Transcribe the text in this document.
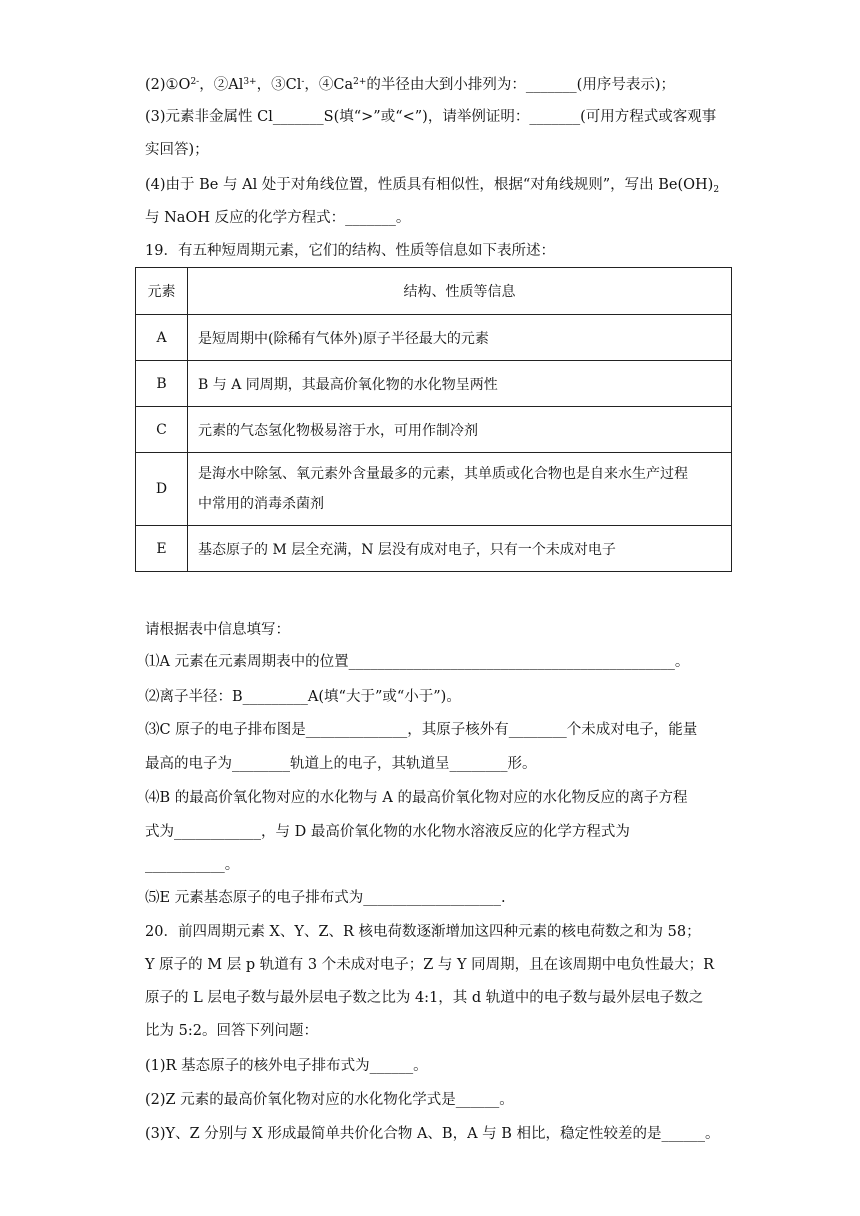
$(2)①O^{2-}$，$②Al^{3+}$，③Cl-，$④Ca^{2+}$的半径由大到小排列为：_______(用序号表示)；
(3)元素非金属性 Cl_______S(填“>”或“<”)，请举例证明：_______(可用方程式或客观事
实回答)；
(4)由于 Be 与 Al 处于对角线位置，性质具有相似性，根据“对角线规则”，写出 $Be(OH)_2$
与 NaOH 反应的化学方程式：_______。
19．有五种短周期元素，它们的结构、性质等信息如下表所述：
元素	结构、性质等信息
A	是短周期中(除稀有气体外)原子半径最大的元素
B	B 与 A 同周期，其最高价氧化物的水化物呈两性
C	元素的气态氢化物极易溶于水，可用作制冷剂
D	是海水中除氢、氧元素外含量最多的元素，其单质或化合物也是自来水生产过程
中常用的消毒杀菌剂

E	基态原子的 M 层全充满，N 层没有成对电子，只有一个未成对电子
请根据表中信息填写：
⑴A 元素在元素周期表中的位置_____________________________________________。
⑵离子半径：B_________A(填“大于”或“小于”)。
⑶C 原子的电子排布图是______________，其原子核外有________个未成对电子，能量
最高的电子为________轨道上的电子，其轨道呈________形。
⑷B 的最高价氧化物对应的水化物与 A 的最高价氧化物对应的水化物反应的离子方程
式为____________，与 D 最高价氧化物的水化物水溶液反应的化学方程式为
___________。
⑸E 元素基态原子的电子排布式为___________________.
20．前四周期元素 X、Y、Z、R 核电荷数逐渐增加这四种元素的核电荷数之和为 58；
Y 原子的 M 层 p 轨道有 3 个未成对电子；Z 与 Y 同周期，且在该周期中电负性最大；R
原子的 L 层电子数与最外层电子数之比为 4:1，其 d 轨道中的电子数与最外层电子数之
比为 5:2。回答下列问题：
(1)R 基态原子的核外电子排布式为______。
(2)Z 元素的最高价氧化物对应的水化物化学式是______。
(3)Y、Z 分别与 X 形成最简单共价化合物 A、B，A 与 B 相比，稳定性较差的是______。
